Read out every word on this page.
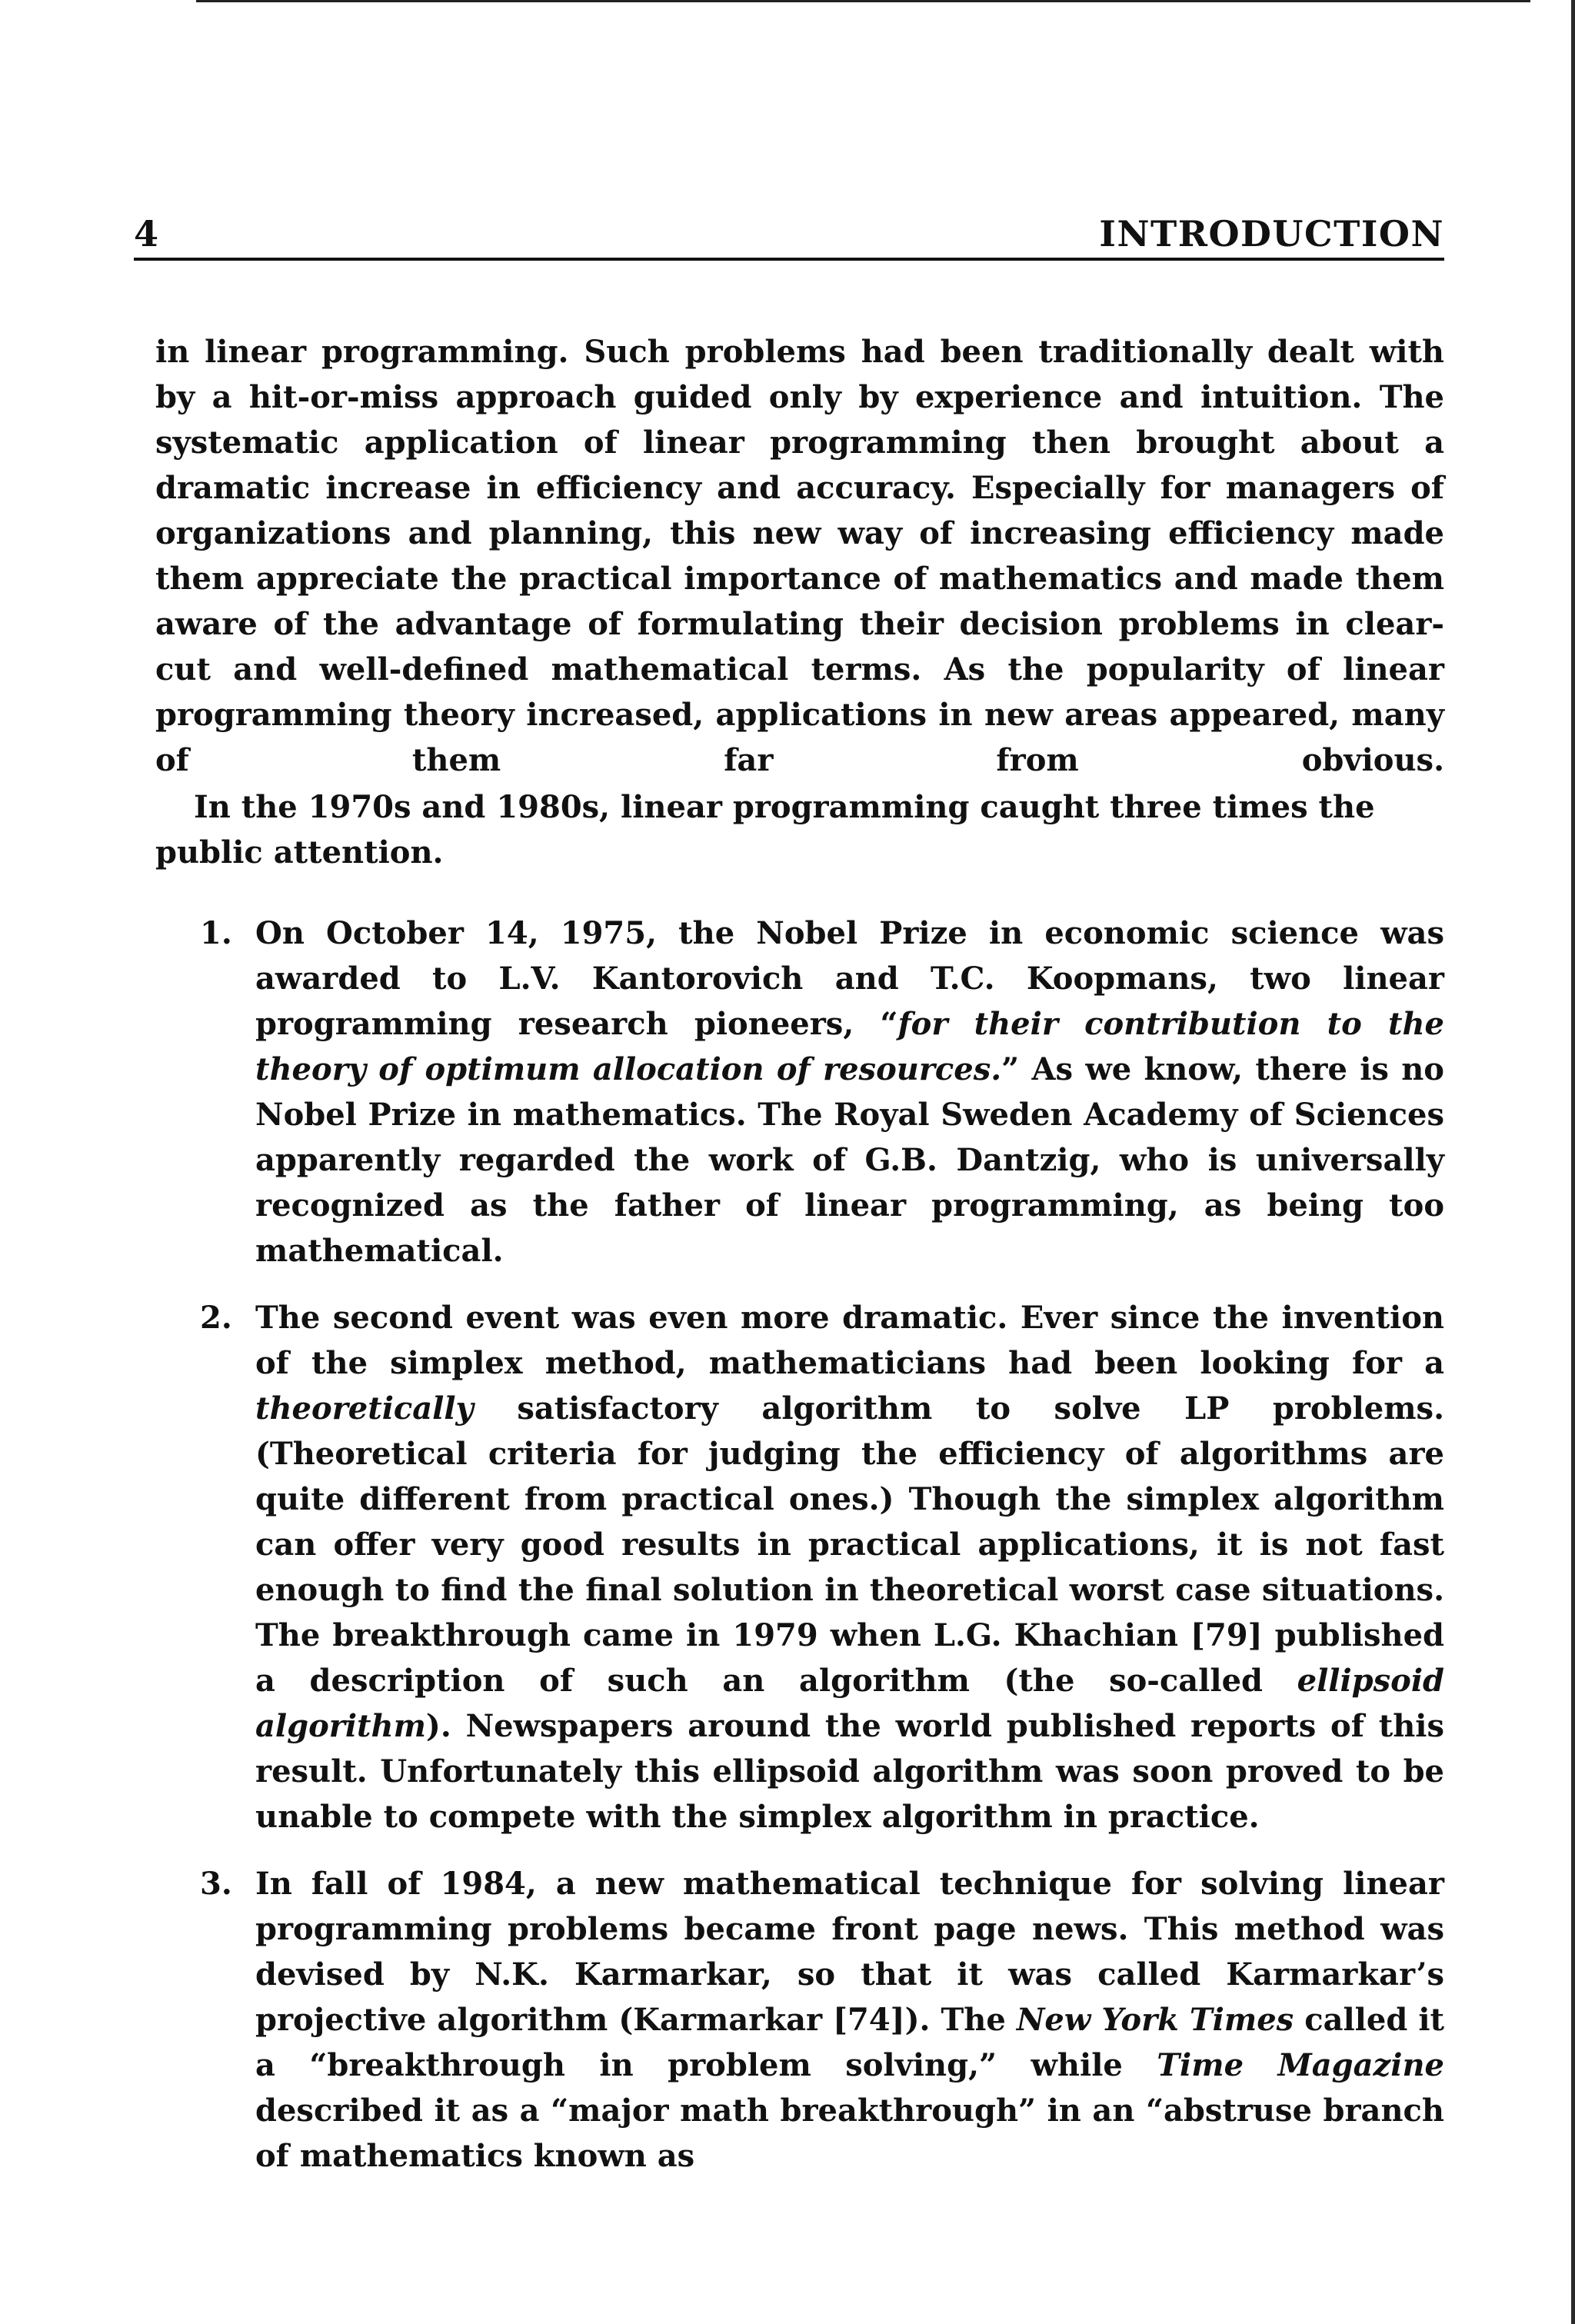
4	INTRODUCTION

in linear programming. Such problems had been traditionally dealt with by a hit-or-miss approach guided only by experience and intuition. The systematic application of linear programming then brought about a dramatic increase in efficiency and accuracy. Especially for managers of organizations and planning, this new way of increasing efficiency made them appreciate the practical importance of mathematics and made them aware of the advantage of formulating their decision problems in clear-cut and well-defined mathematical terms. As the popularity of linear programming theory increased, applications in new areas appeared, many of them far from obvious.

In the 1970s and 1980s, linear programming caught three times the public attention.

1. On October 14, 1975, the Nobel Prize in economic science was awarded to L.V. Kantorovich and T.C. Koopmans, two linear programming research pioneers, “for their contribution to the theory of optimum allocation of resources.” As we know, there is no Nobel Prize in mathematics. The Royal Sweden Academy of Sciences apparently regarded the work of G.B. Dantzig, who is universally recognized as the father of linear programming, as being too mathematical.
2. The second event was even more dramatic. Ever since the invention of the simplex method, mathematicians had been looking for a theoretically satisfactory algorithm to solve LP problems. (Theoretical criteria for judging the efficiency of algorithms are quite different from practical ones.) Though the simplex algorithm can offer very good results in practical applications, it is not fast enough to find the final solution in theoretical worst case situations. The breakthrough came in 1979 when L.G. Khachian [79] published a description of such an algorithm (the so-called ellipsoid algorithm). Newspapers around the world published reports of this result. Unfortunately this ellipsoid algorithm was soon proved to be unable to compete with the simplex algorithm in practice.
3. In fall of 1984, a new mathematical technique for solving linear programming problems became front page news. This method was devised by N.K. Karmarkar, so that it was called Karmarkar’s projective algorithm (Karmarkar [74]). The New York Times called it a “breakthrough in problem solving,” while Time Magazine described it as a “major math breakthrough” in an “abstruse branch of mathematics known as
